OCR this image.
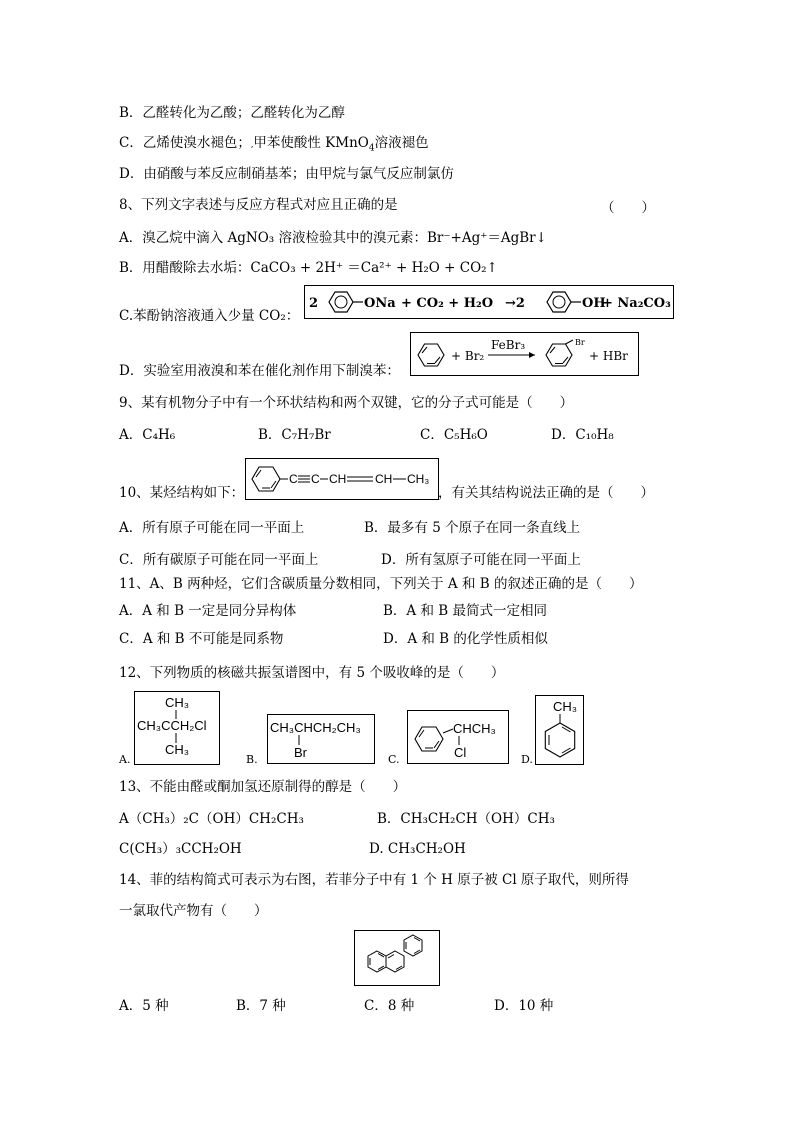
B．乙醛转化为乙酸；乙醛转化为乙醇
C．乙烯使溴水褪色；,甲苯使酸性 KMnO$_4$溶液褪色
D．由硝酸与苯反应制硝基苯；由甲烷与氯气反应制氯仿
8、下列文字表述与反应方程式对应且正确的是	（　　）
A．溴乙烷中滴入 AgNO₃ 溶液检验其中的溴元素：Br⁻+Ag⁺＝AgBr↓
B．用醋酸除去水垢：CaCO₃ + 2H⁺ ＝Ca²⁺ + H₂O + CO₂↑
C.苯酚钠溶液通入少量 CO₂：
2	ONa + CO₂ + H₂O →2	OH
+ Na₂CO₃
D．实验室用液溴和苯在催化剂作用下制溴苯：
+ Br₂
FeBr₃	Br
+ HBr
9、某有机物分子中有一个环状结构和两个双键，它的分子式可能是（　　）
A．C₄H₆	B．C₇H₇Br	C．C₅H₆O	D．C₁₀H₈
10、某烃结构如下：
C C CH CH CH₃
，有关其结构说法正确的是（　　）
A．所有原子可能在同一平面上	B．最多有 5 个原子在同一条直线上
C．所有碳原子可能在同一平面上	D．所有氢原子可能在同一平面上
11、A、B 两种烃，它们含碳质量分数相同，下列关于 A 和 B 的叙述正确的是（　　）
A．A 和 B 一定是同分异构体	B．A 和 B 最简式一定相同
C．A 和 B 不可能是同系物	D．A 和 B 的化学性质相似
12、下列物质的核磁共振氢谱图中，有 5 个吸收峰的是（　　）
A.
CH₃
CH₃CCH₂Cl
CH₃
B.
CH₃CHCH₂CH₃
Br	C.
CHCH₃
Cl	D.
CH₃
13、不能由醛或酮加氢还原制得的醇是（　　）
A（CH₃）₂C（OH）CH₂CH₃	B．CH₃CH₂CH（OH）CH₃
C(CH₃）₃CCH₂OH	D. CH₃CH₂OH
14、菲的结构简式可表示为右图，若菲分子中有 1 个 H 原子被 Cl 原子取代，则所得
一氯取代产物有（　　）
A．5 种	B．7 种	C．8 种	D．10 种
